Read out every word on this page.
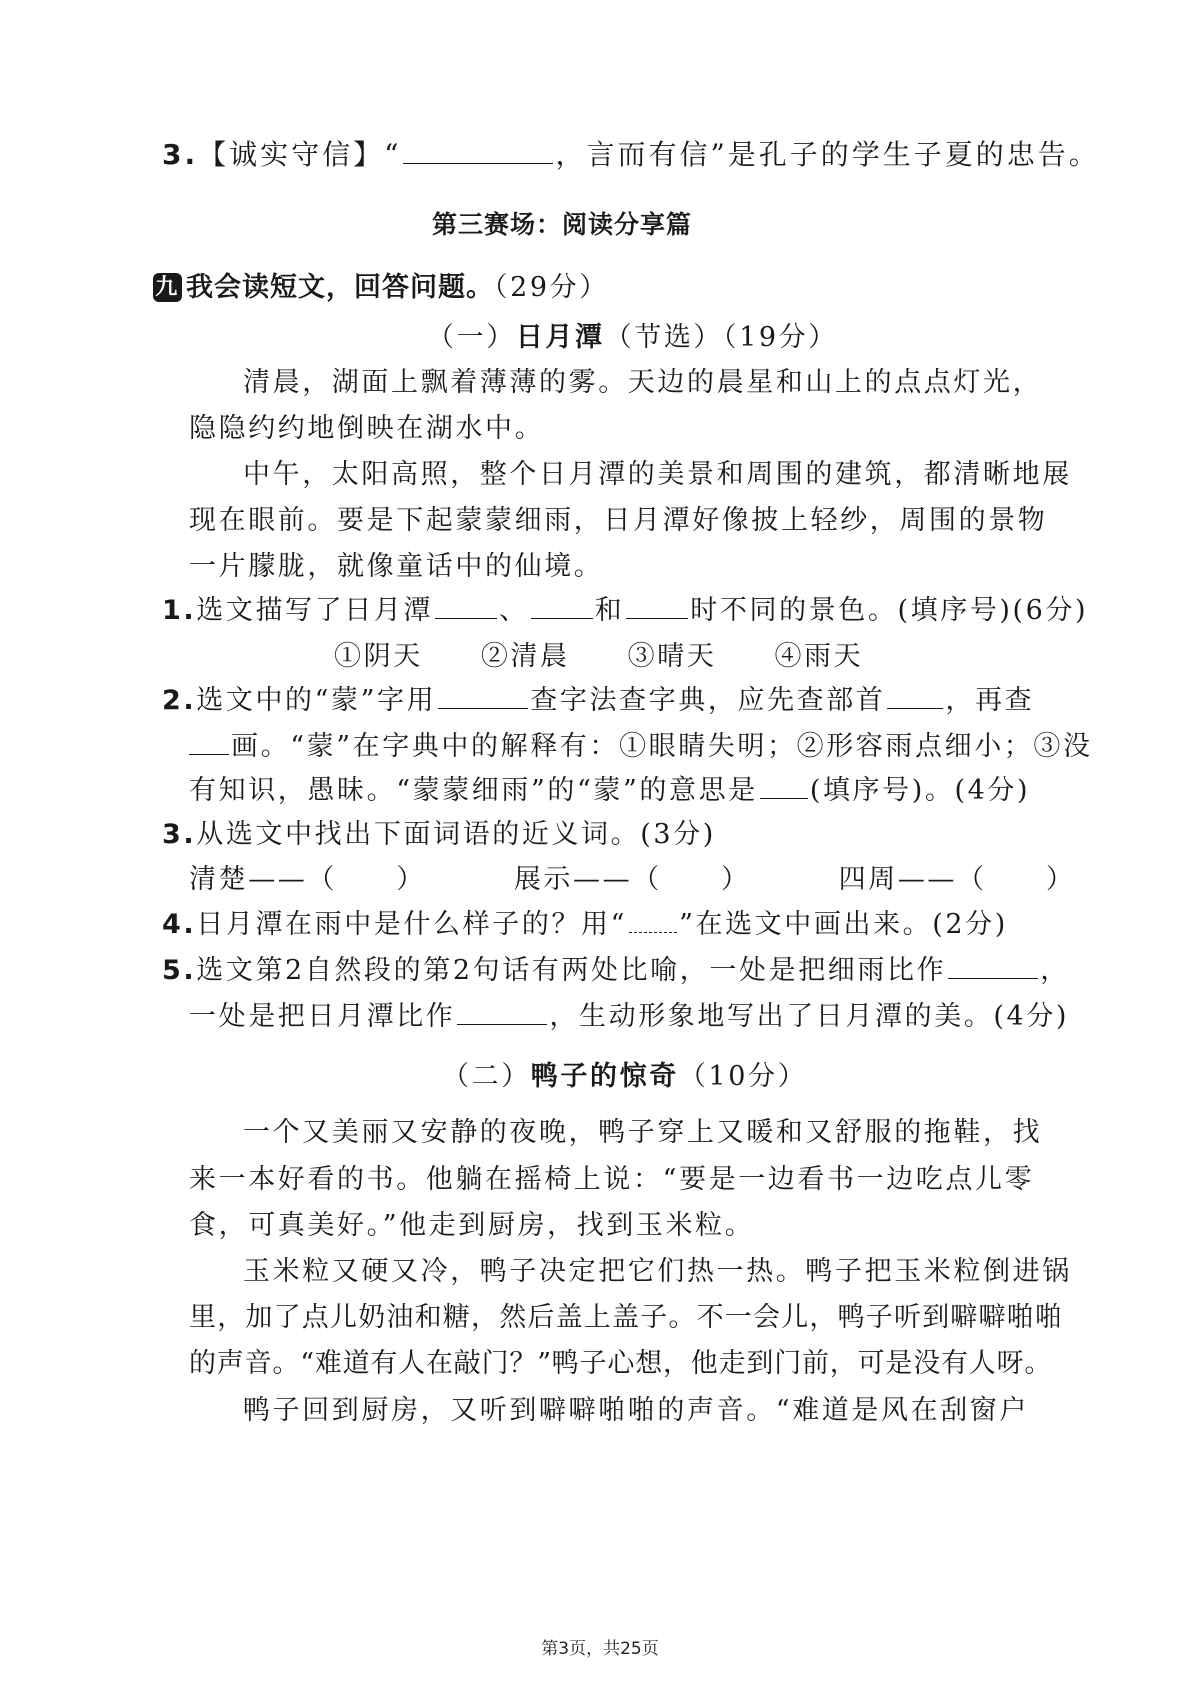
3.【诚实守信】“	，言而有信”是孔子的学生子夏的忠告。
第三赛场：阅读分享篇
九 我会读短文，回答问题。（29分）
（一）日月潭（节选）（19分）
清晨，湖面上飘着薄薄的雾。天边的晨星和山上的点点灯光，
隐隐约约地倒映在湖水中。
中午，太阳高照，整个日月潭的美景和周围的建筑，都清晰地展
现在眼前。要是下起蒙蒙细雨，日月潭好像披上轻纱，周围的景物
一片朦胧，就像童话中的仙境。
1.选文描写了日月潭 、 和 时不同的景色。(填序号)(6分)
①阴天 ②清晨 ③晴天 ④雨天
2.选文中的“蒙”字用	查字法查字典，应先查部首 ，再查
画。“蒙”在字典中的解释有：①眼睛失明；②形容雨点细小；③没
有知识，愚昧。“蒙蒙细雨”的“蒙”的意思是 (填序号)。(4分)
3.从选文中找出下面词语的近义词。(3分)
清楚——（　　）	展示——（　　）	四周——（　　）
4.日月潭在雨中是什么样子的？用“ ”在选文中画出来。(2分)
5.选文第2自然段的第2句话有两处比喻，一处是把细雨比作	，
一处是把日月潭比作	，生动形象地写出了日月潭的美。(4分)
（二）鸭子的惊奇（10分）
一个又美丽又安静的夜晚，鸭子穿上又暖和又舒服的拖鞋，找
来一本好看的书。他躺在摇椅上说：“要是一边看书一边吃点儿零
食，可真美好。”他走到厨房，找到玉米粒。
玉米粒又硬又冷，鸭子决定把它们热一热。鸭子把玉米粒倒进锅
里，加了点儿奶油和糖，然后盖上盖子。不一会儿，鸭子听到噼噼啪啪
的声音。“难道有人在敲门？”鸭子心想，他走到门前，可是没有人呀。
鸭子回到厨房，又听到噼噼啪啪的声音。“难道是风在刮窗户
第3页，共25页
